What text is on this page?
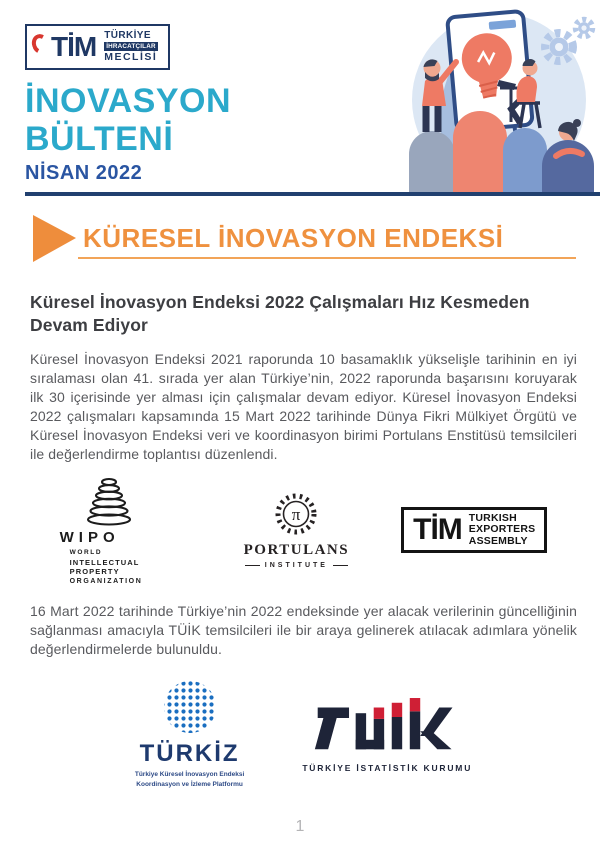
TİM TÜRKİYE
İHRACATÇILAR
MECLİSİ
İNOVASYON
BÜLTENİ
NİSAN 2022
KÜRESEL İNOVASYON ENDEKSİ
Küresel İnovasyon Endeksi 2022 Çalışmaları Hız Kesmeden Devam Ediyor

Küresel İnovasyon Endeksi 2021 raporunda 10 basamaklık yükselişle tarihinin en iyi sıralaması olan 41. sırada yer alan Türkiye’nin, 2022 raporunda başarısını koruyarak ilk 30 içerisinde yer alması için çalışmalar devam ediyor. Küresel İnovasyon Endeksi 2022 çalışmaları kapsamında 15 Mart 2022 tarihinde Dünya Fikri Mülkiyet Örgütü ve Küresel İnovasyon Endeksi veri ve koordinasyon birimi Portulans Enstitüsü temsilcileri ile değerlendirme toplantısı düzenlendi.

WIPO
WORLD
INTELLECTUAL PROPERTY
ORGANIZATION
π
PORTULANS
INSTITUTE
TİM TURKISH
EXPORTERS
ASSEMBLY

16 Mart 2022 tarihinde Türkiye’nin 2022 endeksinde yer alacak verilerinin güncelliğinin sağlanması amacıyla TÜİK temsilcileri ile bir araya gelinerek atılacak adımlara yönelik değerlendirmelerde bulunuldu.

TÜRKİZ
Türkiye Küresel İnovasyon Endeksi
Koordinasyon ve İzleme Platformu
TÜRKİYE İSTATİSTİK KURUMU
1
